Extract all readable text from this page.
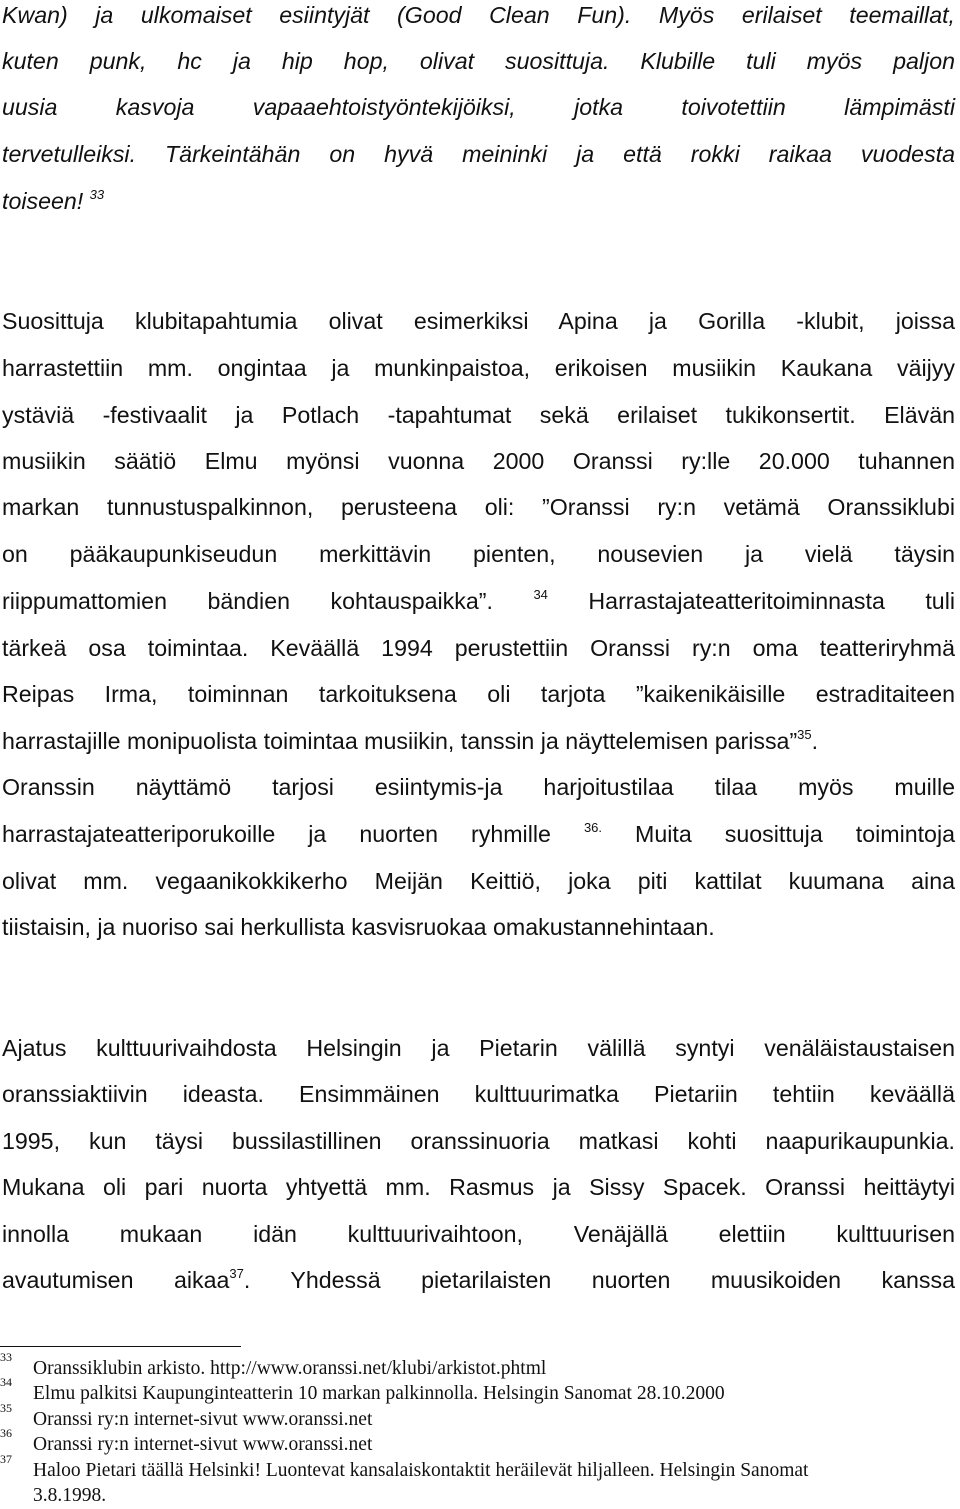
Kwan) ja ulkomaiset esiintyjät (Good Clean Fun). Myös erilaiset teemaillat,
kuten punk, hc ja hip hop, olivat suosittuja. Klubille tuli myös paljon
uusia kasvoja vapaaehtoistyöntekijöiksi, jotka toivotettiin lämpimästi
tervetulleiksi. Tärkeintähän on hyvä meininki ja että rokki raikaa vuodesta
toiseen! $^{33}$
Suosittuja klubitapahtumia olivat esimerkiksi Apina ja Gorilla -klubit, joissa
harrastettiin mm. ongintaa ja munkinpaistoa, erikoisen musiikin Kaukana väijyy
ystäviä -festivaalit ja Potlach -tapahtumat sekä erilaiset tukikonsertit. Elävän
musiikin säätiö Elmu myönsi vuonna 2000 Oranssi ry:lle 20.000 tuhannen
markan tunnustuspalkinnon, perusteena oli: ”Oranssi ry:n vetämä Oranssiklubi
on pääkaupunkiseudun merkittävin pienten, nousevien ja vielä täysin
riippumattomien bändien kohtauspaikka”.	$^{34}$ Harrastajateatteritoiminnasta tuli
tärkeä osa toimintaa. Keväällä 1994 perustettiin Oranssi ry:n oma teatteriryhmä
Reipas Irma, toiminnan tarkoituksena oli tarjota ”kaikenikäisille estraditaiteen
harrastajille monipuolista toimintaa musiikin, tanssin ja näyttelemisen parissa”$^{35}$.
Oranssin näyttämö tarjosi esiintymis-ja harjoitustilaa tilaa myös muille
harrastajateatteriporukoille ja nuorten ryhmille	$^{36.}$ Muita suosittuja toimintoja
olivat mm. vegaanikokkikerho Meijän Keittiö, joka piti kattilat kuumana aina
tiistaisin, ja nuoriso sai herkullista kasvisruokaa omakustannehintaan.
Ajatus kulttuurivaihdosta Helsingin ja Pietarin välillä syntyi venäläistaustaisen
oranssiaktiivin ideasta. Ensimmäinen kulttuurimatka Pietariin tehtiin keväällä
1995, kun täysi bussilastillinen oranssinuoria matkasi kohti naapurikaupunkia.
Mukana oli pari nuorta yhtyettä mm. Rasmus ja Sissy Spacek. Oranssi heittäytyi
innolla mukaan idän kulttuurivaihtoon, Venäjällä elettiin kulttuurisen
avautumisen aikaa$^{37}$. Yhdessä pietarilaisten nuorten muusikoiden kanssa
33
Oranssiklubin arkisto. http://www.oranssi.net/klubi/arkistot.phtml
34
Elmu palkitsi Kaupunginteatterin 10 markan palkinnolla. Helsingin Sanomat 28.10.2000
35
Oranssi ry:n internet-sivut www.oranssi.net
36
Oranssi ry:n internet-sivut www.oranssi.net
37
Haloo Pietari täällä Helsinki! Luontevat kansalaiskontaktit heräilevät hiljalleen. Helsingin Sanomat
3.8.1998.
